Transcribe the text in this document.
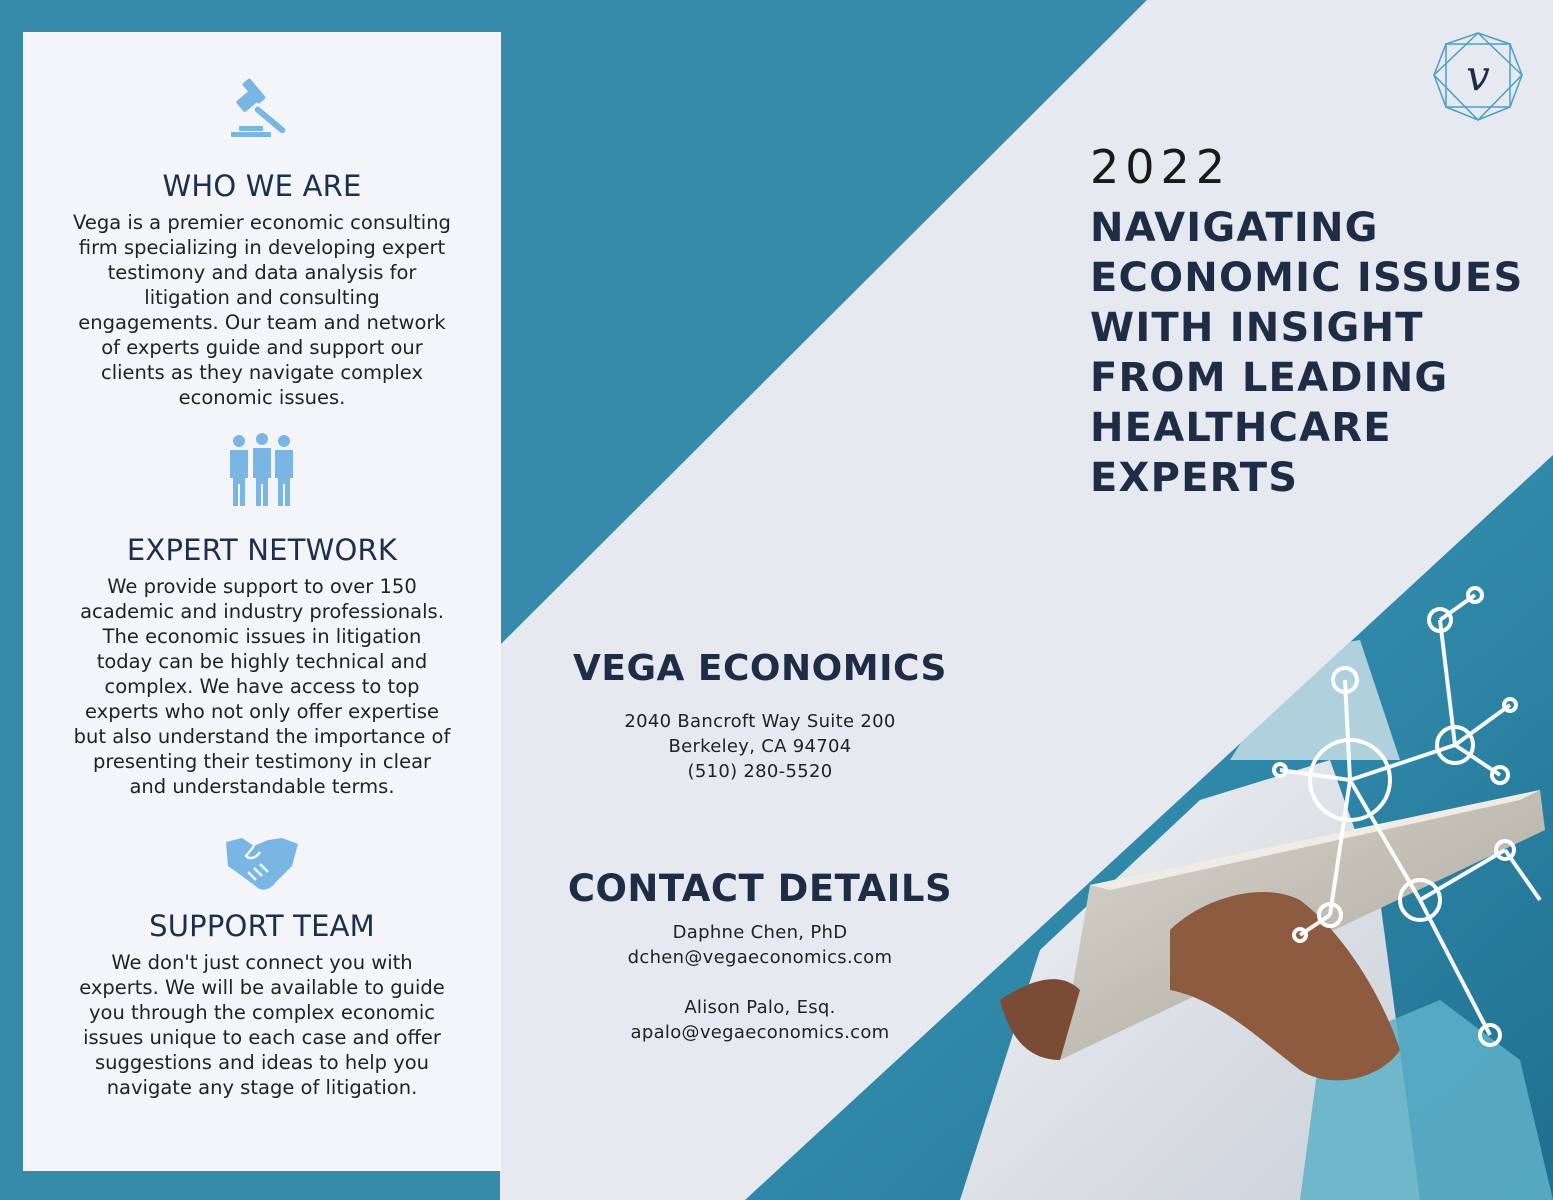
WHO WE ARE

Vega is a premier economic consulting firm specializing in developing expert testimony and data analysis for litigation and consulting engagements. Our team and network of experts guide and support our clients as they navigate complex economic issues.

EXPERT NETWORK

We provide support to over 150 academic and industry professionals. The economic issues in litigation today can be highly technical and complex. We have access to top experts who not only offer expertise but also understand the importance of presenting their testimony in clear and understandable terms.

SUPPORT TEAM

We don't just connect you with experts. We will be available to guide you through the complex economic issues unique to each case and offer suggestions and ideas to help you navigate any stage of litigation.

VEGA ECONOMICS
2040 Bancroft Way Suite 200
Berkeley, CA 94704
(510) 280-5520
CONTACT DETAILS
Daphne Chen, PhD
dchen@vegaeconomics.com
Alison Palo, Esq.
apalo@vegaeconomics.com
v
2022
NAVIGATING
ECONOMIC ISSUES
WITH INSIGHT
FROM LEADING
HEALTHCARE
EXPERTS
